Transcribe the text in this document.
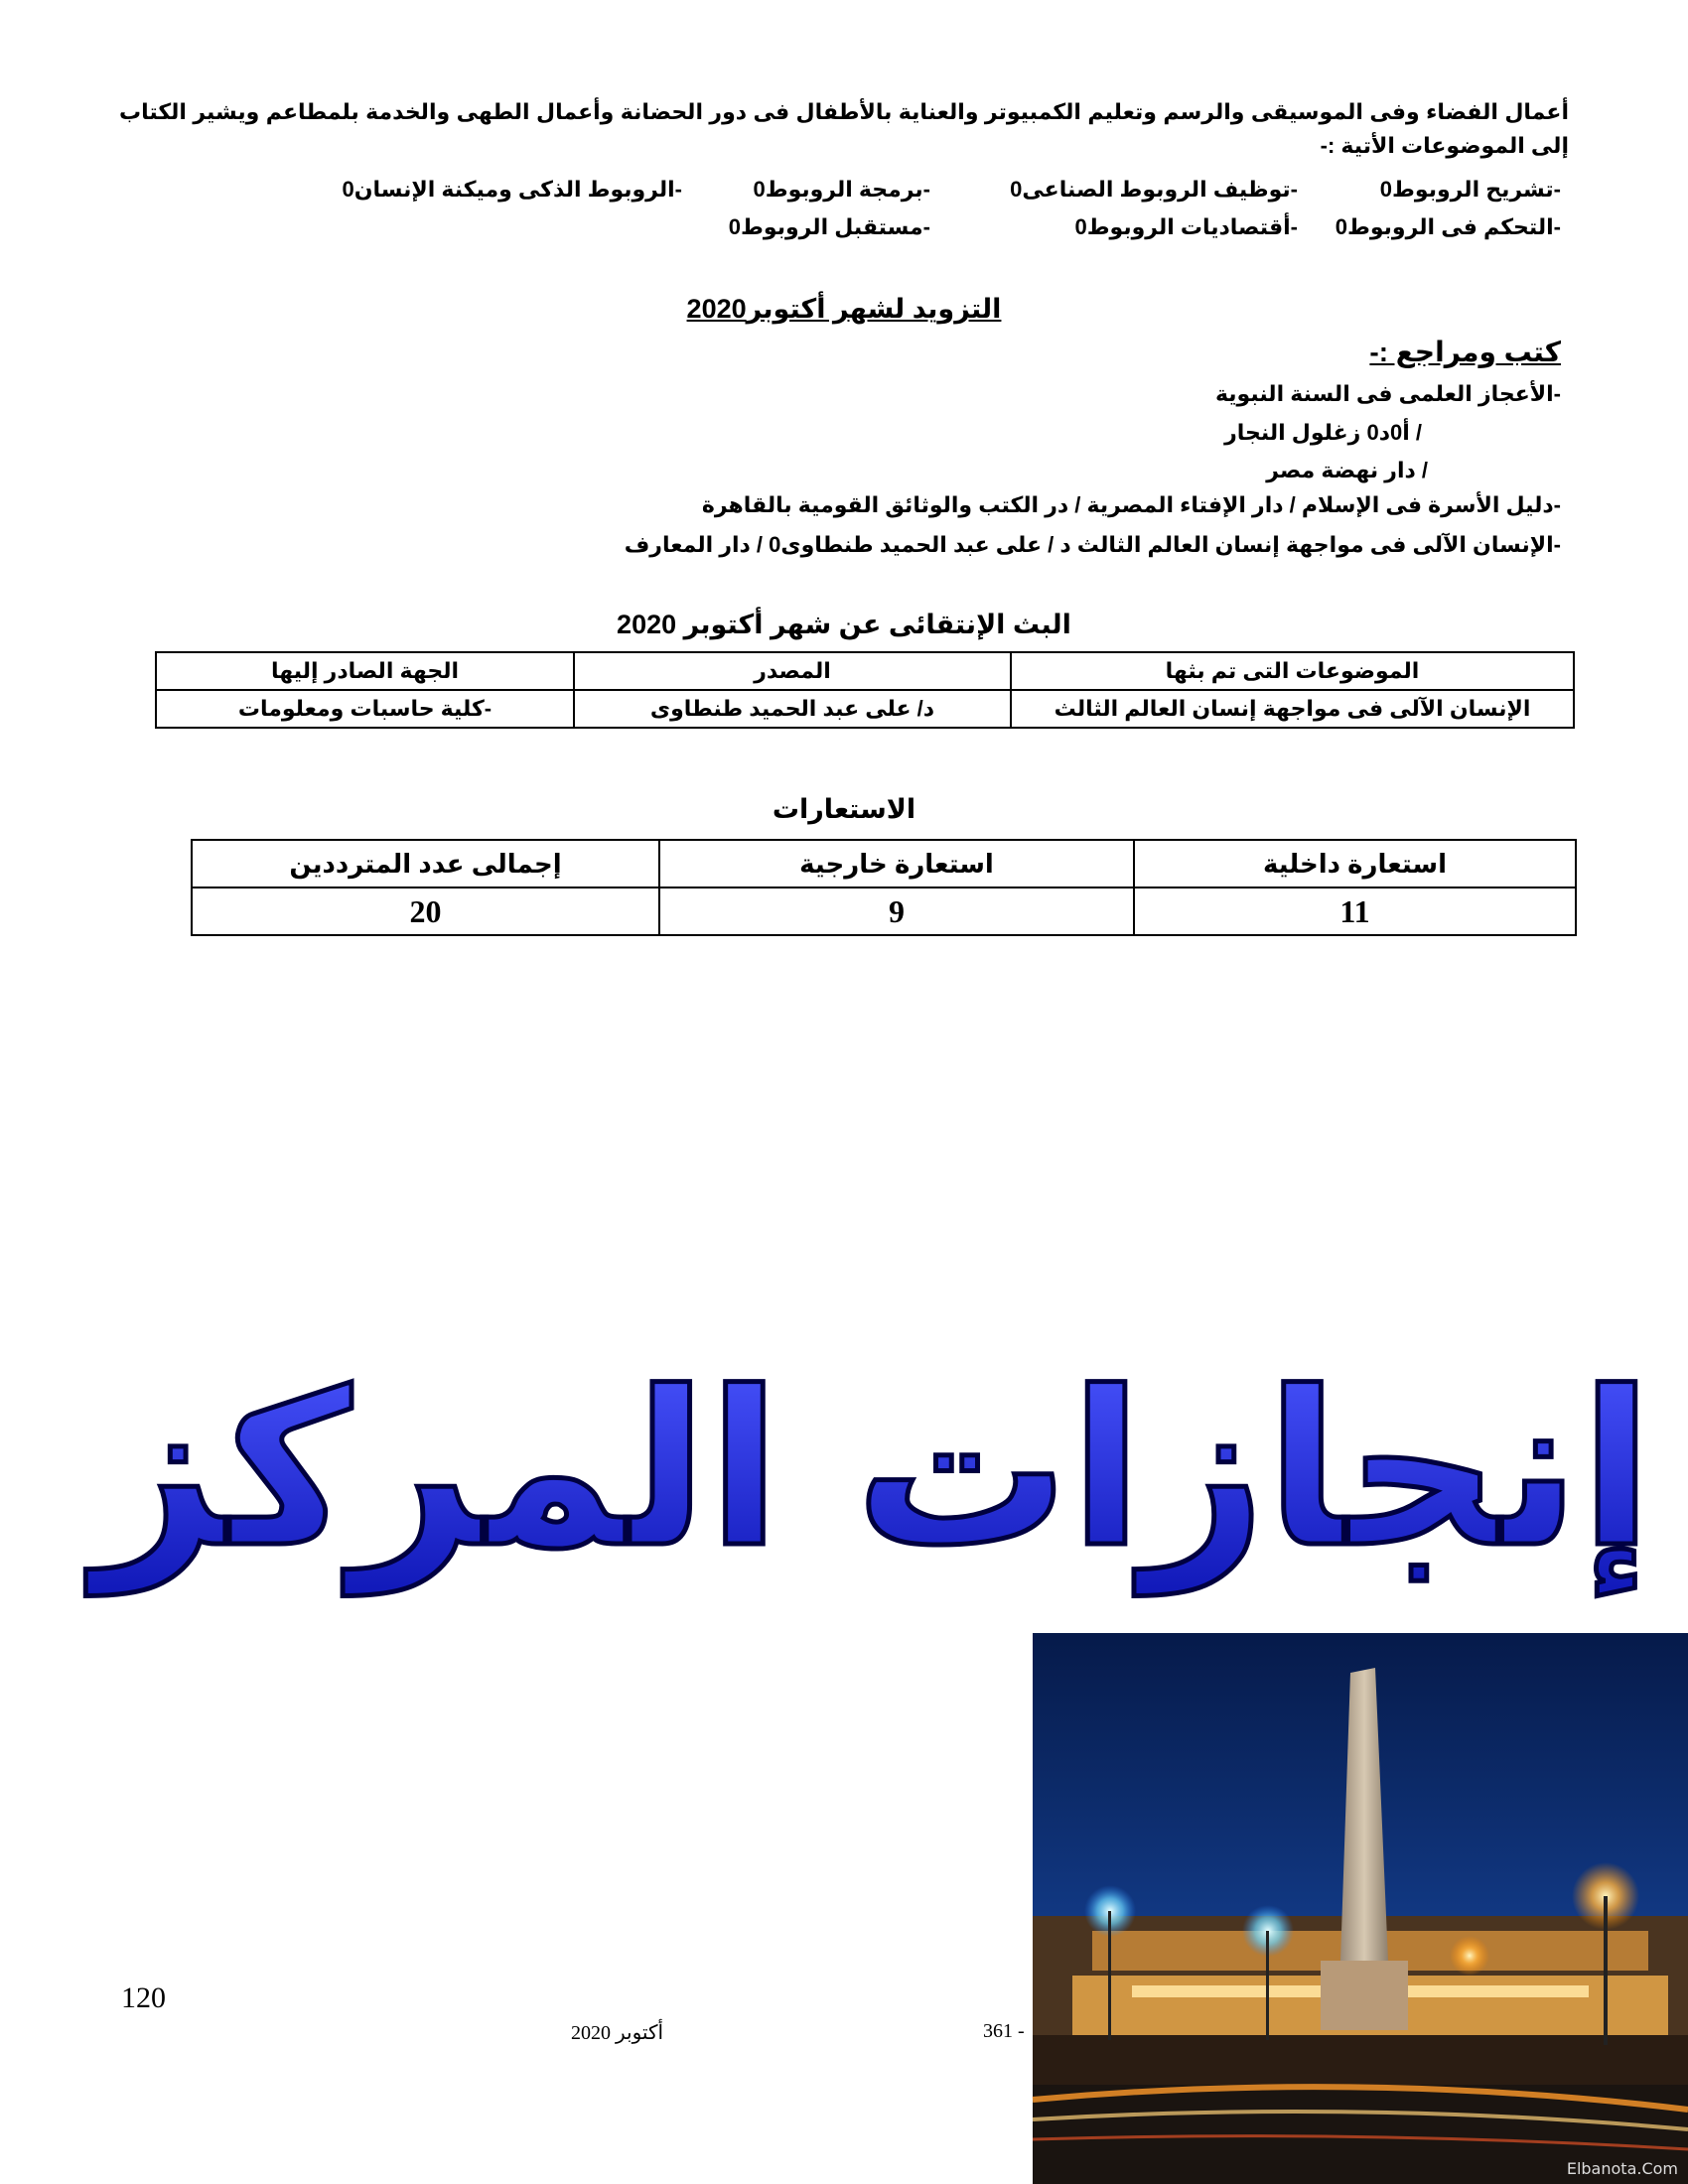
أعمال الفضاء وفى الموسيقى والرسم وتعليم الكمبيوتر والعناية بالأطفال فى دور الحضانة وأعمال الطهى والخدمة بلمطاعم ويشير الكتاب إلى الموضوعات الأتية :-
-تشريح الروبوط0
-توظيف الروبوط الصناعى0
-برمجة الروبوط0
-الروبوط الذكى وميكنة الإنسان0
-التحكم فى الروبوط0
-أقتصاديات الروبوط0
-مستقبل الروبوط0
التزويد لشهر أكتوبر2020
كتب ومراجع :-
-الأعجاز العلمى فى السنة النبوية
/ أ0د0 زغلول النجار
/ دار نهضة مصر
-دليل الأسرة فى الإسلام / دار الإفتاء المصرية / در الكتب والوثائق القومية بالقاهرة
-الإنسان الآلى فى مواجهة إنسان العالم الثالث د / على عبد الحميد طنطاوى0 / دار المعارف
البث الإنتقائى عن شهر أكتوبر 2020
الموضوعات التى تم بثها	المصدر	الجهة الصادر إليها
الإنسان الآلى فى مواجهة إنسان العالم الثالث	د/ على عبد الحميد طنطاوى	-كلية حاسبات ومعلومات
الاستعارات
استعارة داخلية	استعارة خارجية	إجمالى عدد المترددين
11	9	20
إنجازات المركز
Elbanota.Com
120
361 -
أكتوبر 2020
